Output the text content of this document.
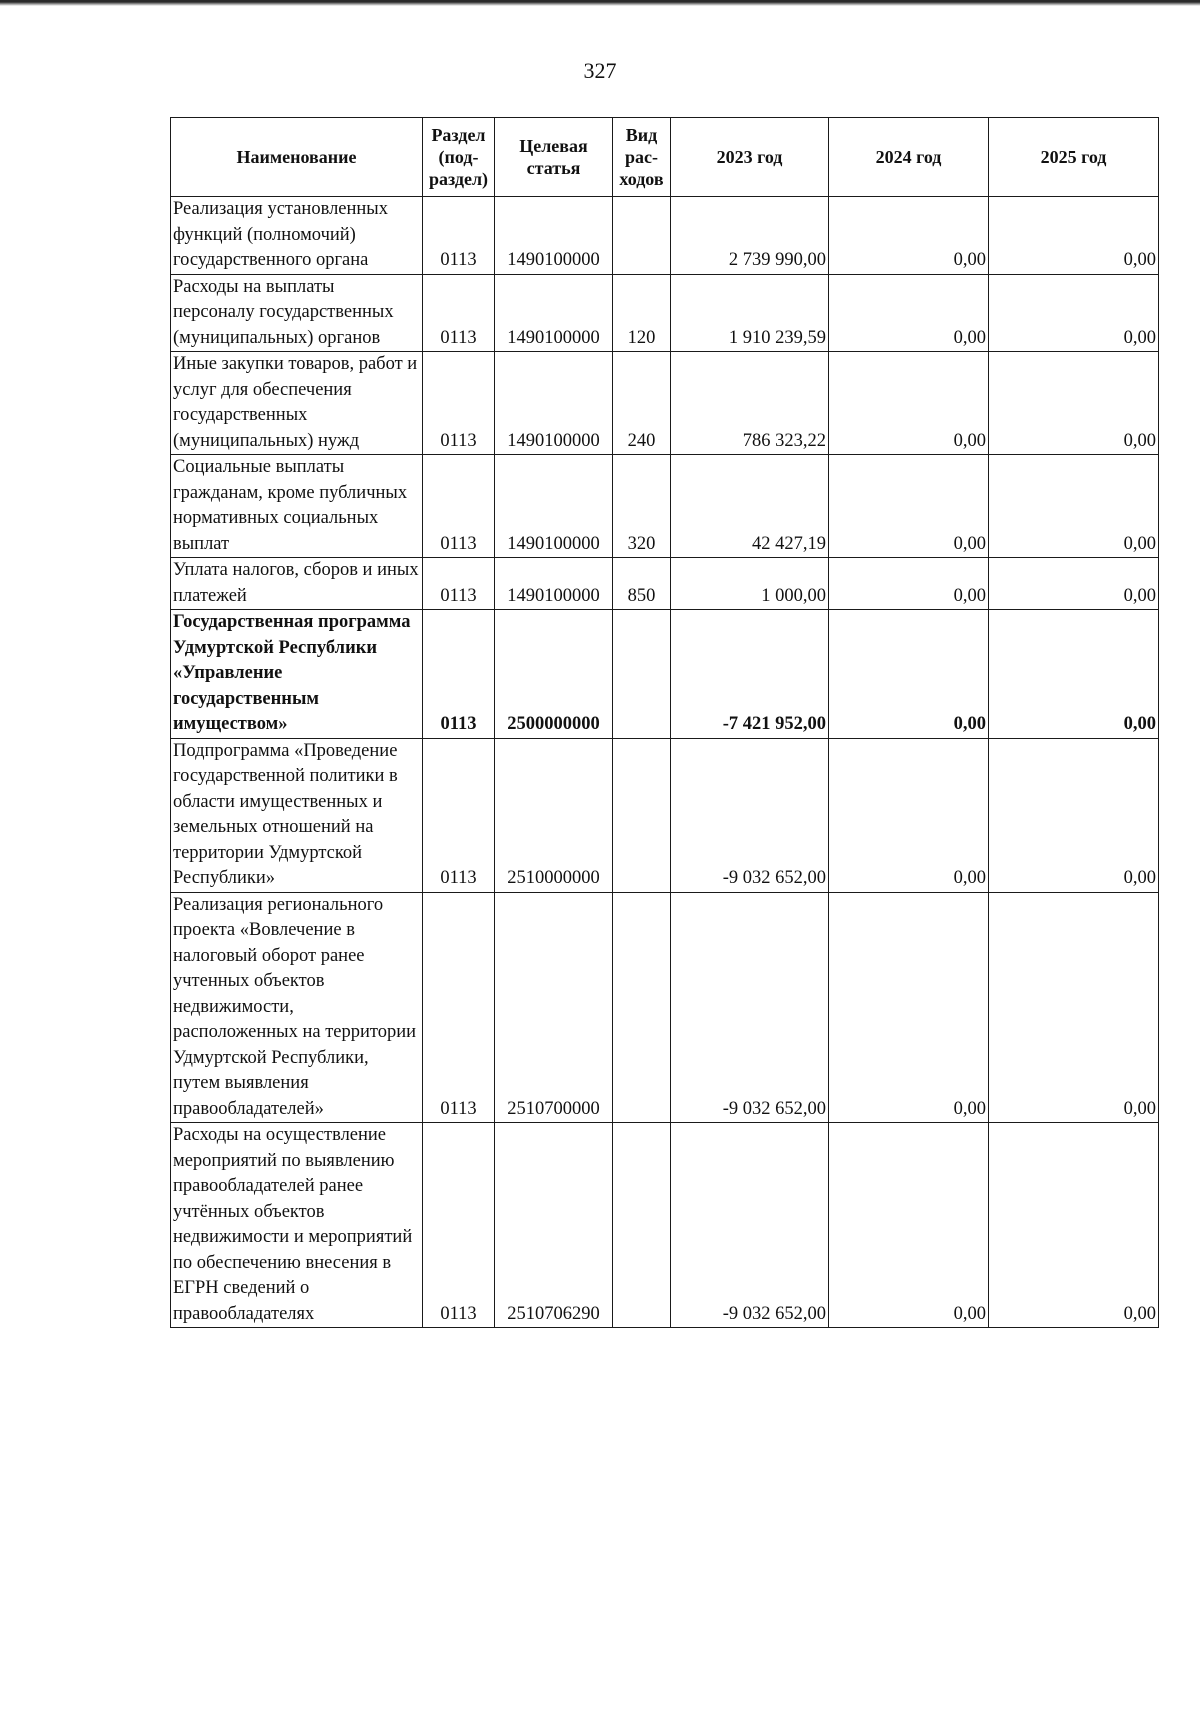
327
Наименование	Раздел (под-раздел)	Целевая статья	Вид рас-ходов	2023 год	2024 год	2025 год
Реализация установленных функций (полномочий) государственного органа	0113	1490100000		2 739 990,00	0,00	0,00
Расходы на выплаты персоналу государственных (муниципальных) органов	0113	1490100000	120	1 910 239,59	0,00	0,00
Иные закупки товаров, работ и услуг для обеспечения государственных (муниципальных) нужд	0113	1490100000	240	786 323,22	0,00	0,00
Социальные выплаты гражданам, кроме публичных нормативных социальных выплат	0113	1490100000	320	42 427,19	0,00	0,00
Уплата налогов, сборов и иных платежей	0113	1490100000	850	1 000,00	0,00	0,00
Государственная программа Удмуртской Республики «Управление государственным имуществом»	0113	2500000000		-7 421 952,00	0,00	0,00
Подпрограмма «Проведение государственной политики в области имущественных и земельных отношений на территории Удмуртской Республики»	0113	2510000000		-9 032 652,00	0,00	0,00
Реализация регионального проекта «Вовлечение в налоговый оборот ранее учтенных объектов недвижимости, расположенных на территории Удмуртской Республики, путем выявления правообладателей»	0113	2510700000		-9 032 652,00	0,00	0,00
Расходы на осуществление мероприятий по выявлению правообладателей ранее учтённых объектов недвижимости и мероприятий по обеспечению внесения в ЕГРН сведений о правообладателях	0113	2510706290		-9 032 652,00	0,00	0,00
